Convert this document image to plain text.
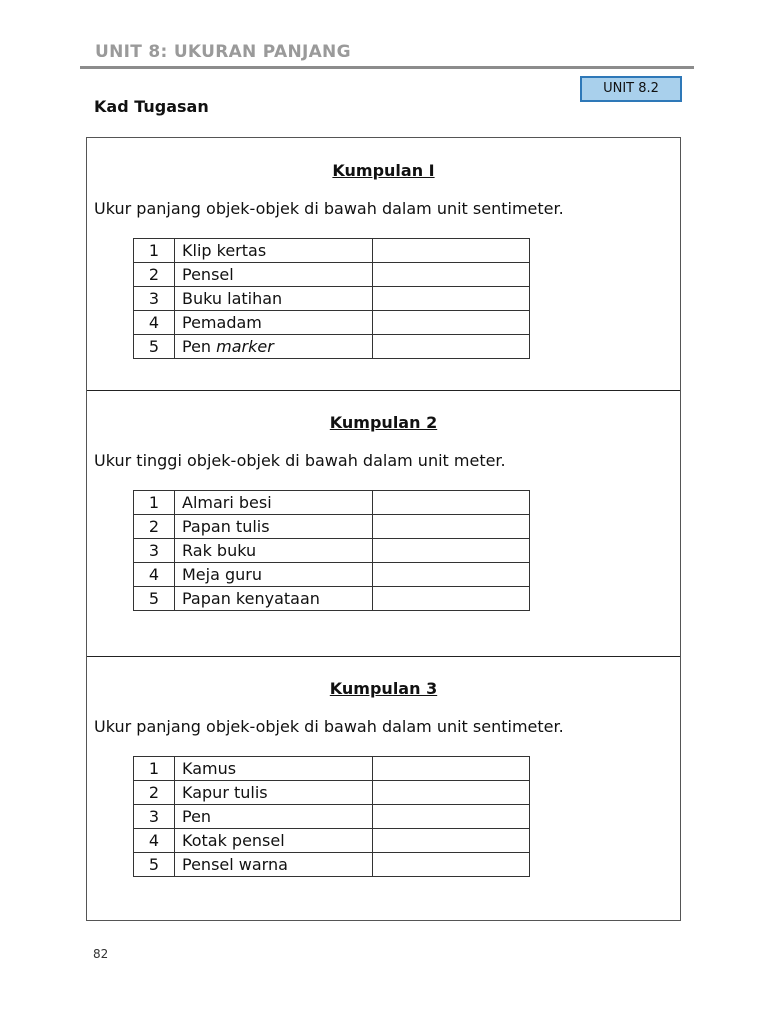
UNIT 8: UKURAN PANJANG
UNIT 8.2
Kad Tugasan
Kumpulan I
Ukur panjang objek-objek di bawah dalam unit sentimeter.
1	Klip kertas	
2	Pensel	
3	Buku latihan	
4	Pemadam	
5	Pen marker	
Kumpulan 2
Ukur tinggi objek-objek di bawah dalam unit meter.
1	Almari besi	
2	Papan tulis	
3	Rak buku	
4	Meja guru	
5	Papan kenyataan	
Kumpulan 3
Ukur panjang objek-objek di bawah dalam unit sentimeter.
1	Kamus	
2	Kapur tulis	
3	Pen	
4	Kotak pensel	
5	Pensel warna	
82
